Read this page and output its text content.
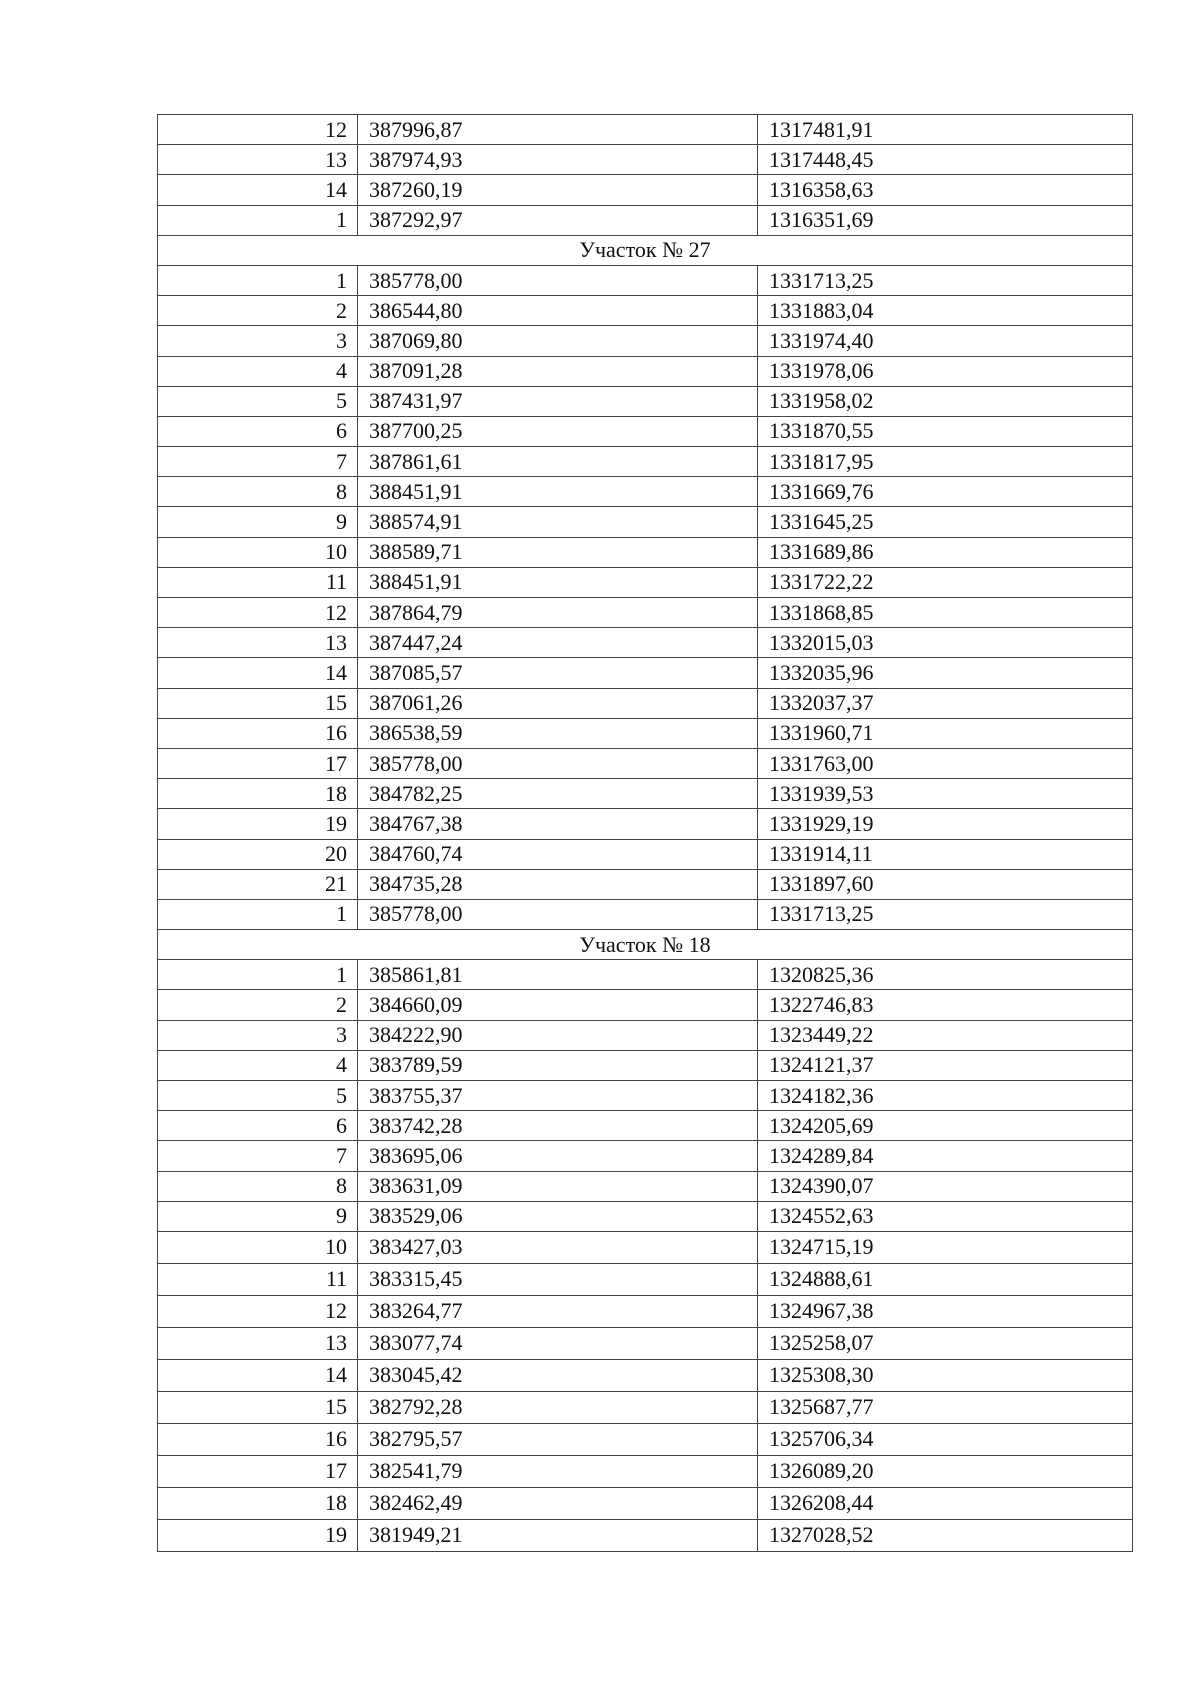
12	387996,87	1317481,91
13	387974,93	1317448,45
14	387260,19	1316358,63
1	387292,97	1316351,69
Участок № 27		
1	385778,00	1331713,25
2	386544,80	1331883,04
3	387069,80	1331974,40
4	387091,28	1331978,06
5	387431,97	1331958,02
6	387700,25	1331870,55
7	387861,61	1331817,95
8	388451,91	1331669,76
9	388574,91	1331645,25
10	388589,71	1331689,86
11	388451,91	1331722,22
12	387864,79	1331868,85
13	387447,24	1332015,03
14	387085,57	1332035,96
15	387061,26	1332037,37
16	386538,59	1331960,71
17	385778,00	1331763,00
18	384782,25	1331939,53
19	384767,38	1331929,19
20	384760,74	1331914,11
21	384735,28	1331897,60
1	385778,00	1331713,25
Участок № 18		
1	385861,81	1320825,36
2	384660,09	1322746,83
3	384222,90	1323449,22
4	383789,59	1324121,37
5	383755,37	1324182,36
6	383742,28	1324205,69
7	383695,06	1324289,84
8	383631,09	1324390,07
9	383529,06	1324552,63
10	383427,03	1324715,19
11	383315,45	1324888,61
12	383264,77	1324967,38
13	383077,74	1325258,07
14	383045,42	1325308,30
15	382792,28	1325687,77
16	382795,57	1325706,34
17	382541,79	1326089,20
18	382462,49	1326208,44
19	381949,21	1327028,52
